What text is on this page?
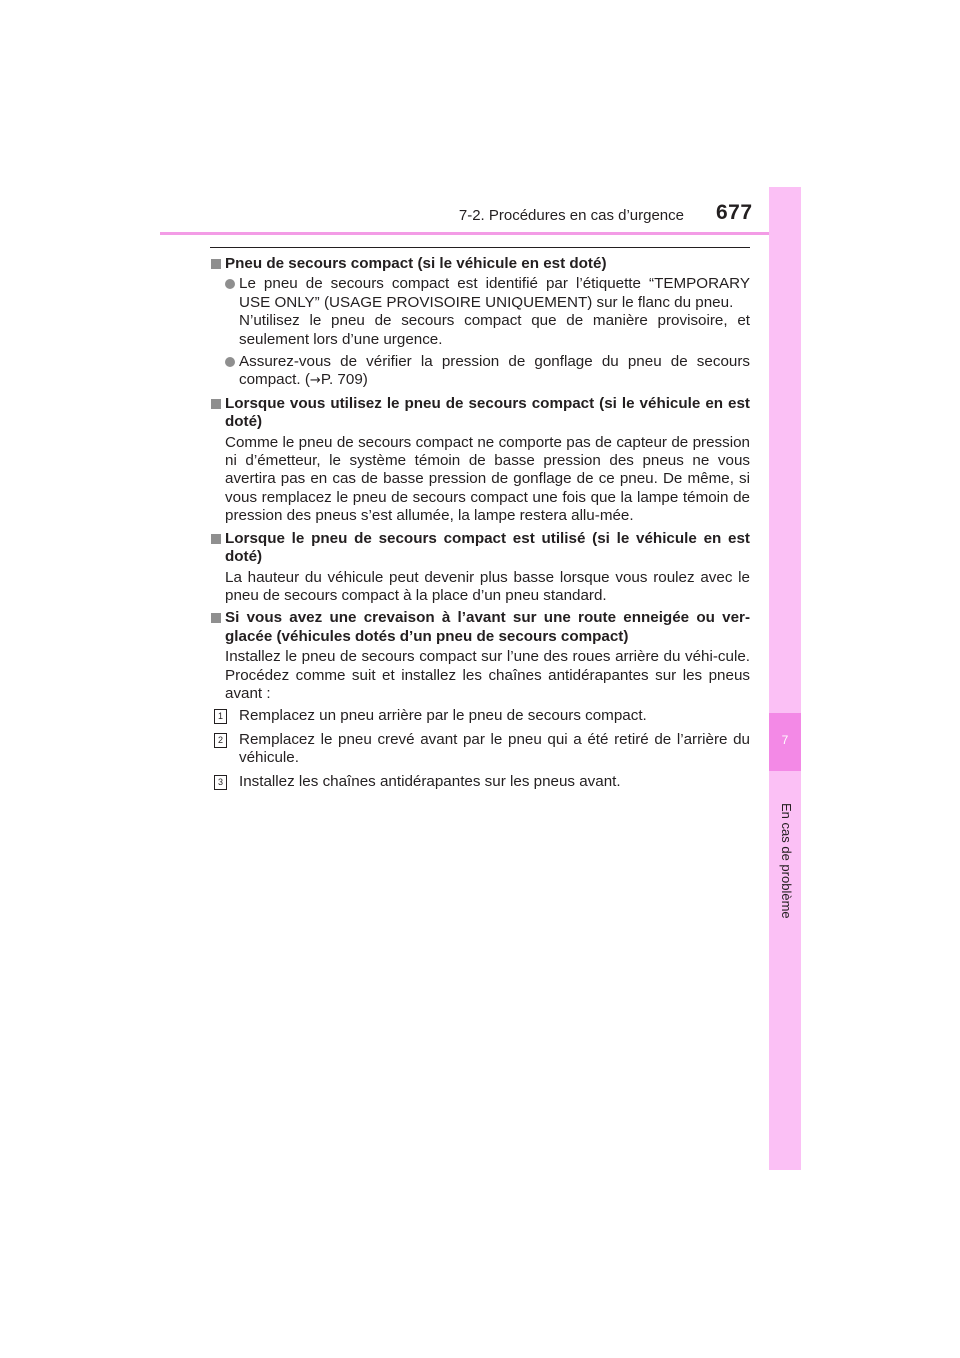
7-2. Procédures en cas d’urgence 677
7
En cas de problème
Pneu de secours compact (si le véhicule en est doté)

Le pneu de secours compact est identifié par l’étiquette “TEMPORARY USE ONLY” (USAGE PROVISOIRE UNIQUEMENT) sur le flanc du pneu.

N’utilisez le pneu de secours compact que de manière provisoire, et seulement lors d’une urgence.

Assurez-vous de vérifier la pression de gonflage du pneu de secours compact. (→P. 709)

Lorsque vous utilisez le pneu de secours compact (si le véhicule en est doté)

Comme le pneu de secours compact ne comporte pas de capteur de pression ni d’émetteur, le système témoin de basse pression des pneus ne vous avertira pas en cas de basse pression de gonflage de ce pneu. De même, si vous remplacez le pneu de secours compact une fois que la lampe témoin de pression des pneus s’est allumée, la lampe restera allu-mée.

Lorsque le pneu de secours compact est utilisé (si le véhicule en est doté)

La hauteur du véhicule peut devenir plus basse lorsque vous roulez avec le pneu de secours compact à la place d’un pneu standard.

Si vous avez une crevaison à l’avant sur une route enneigée ou ver-glacée (véhicules dotés d’un pneu de secours compact)

Installez le pneu de secours compact sur l’une des roues arrière du véhi-cule. Procédez comme suit et installez les chaînes antidérapantes sur les pneus avant :

1 Remplacez un pneu arrière par le pneu de secours compact.
2 Remplacez le pneu crevé avant par le pneu qui a été retiré de l’arrière du véhicule.
3 Installez les chaînes antidérapantes sur les pneus avant.
